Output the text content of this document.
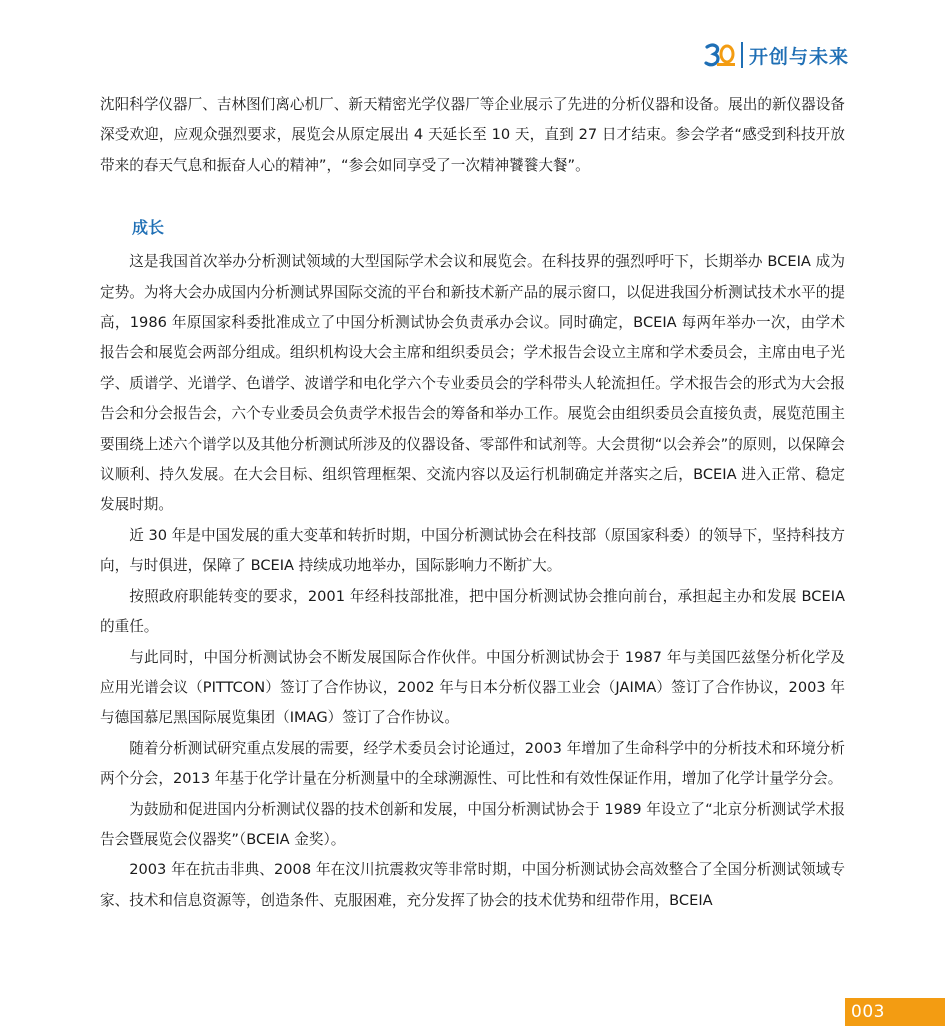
开创与未来

沈阳科学仪器厂、吉林图们离心机厂、新天精密光学仪器厂等企业展示了先进的分析仪器和设备。展出的新仪器设备深受欢迎，应观众强烈要求，展览会从原定展出 4 天延长至 10 天，直到 27 日才结束。参会学者“感受到科技开放带来的春天气息和振奋人心的精神”，“参会如同享受了一次精神饕餮大餐”。

成长

这是我国首次举办分析测试领域的大型国际学术会议和展览会。在科技界的强烈呼吁下，长期举办 BCEIA 成为定势。为将大会办成国内分析测试界国际交流的平台和新技术新产品的展示窗口，以促进我国分析测试技术水平的提高，1986 年原国家科委批准成立了中国分析测试协会负责承办会议。同时确定，BCEIA 每两年举办一次，由学术报告会和展览会两部分组成。组织机构设大会主席和组织委员会；学术报告会设立主席和学术委员会，主席由电子光学、质谱学、光谱学、色谱学、波谱学和电化学六个专业委员会的学科带头人轮流担任。学术报告会的形式为大会报告会和分会报告会，六个专业委员会负责学术报告会的筹备和举办工作。展览会由组织委员会直接负责，展览范围主要围绕上述六个谱学以及其他分析测试所涉及的仪器设备、零部件和试剂等。大会贯彻“以会养会”的原则，以保障会议顺利、持久发展。在大会目标、组织管理框架、交流内容以及运行机制确定并落实之后，BCEIA 进入正常、稳定发展时期。

近 30 年是中国发展的重大变革和转折时期，中国分析测试协会在科技部（原国家科委）的领导下，坚持科技方向，与时俱进，保障了 BCEIA 持续成功地举办，国际影响力不断扩大。

按照政府职能转变的要求，2001 年经科技部批准，把中国分析测试协会推向前台，承担起主办和发展 BCEIA 的重任。

与此同时，中国分析测试协会不断发展国际合作伙伴。中国分析测试协会于 1987 年与美国匹兹堡分析化学及应用光谱会议（PITTCON）签订了合作协议，2002 年与日本分析仪器工业会（JAIMA）签订了合作协议，2003 年与德国慕尼黑国际展览集团（IMAG）签订了合作协议。

随着分析测试研究重点发展的需要，经学术委员会讨论通过，2003 年增加了生命科学中的分析技术和环境分析两个分会，2013 年基于化学计量在分析测量中的全球溯源性、可比性和有效性保证作用，增加了化学计量学分会。

为鼓励和促进国内分析测试仪器的技术创新和发展，中国分析测试协会于 1989 年设立了“北京分析测试学术报告会暨展览会仪器奖”（BCEIA 金奖）。

2003 年在抗击非典、2008 年在汶川抗震救灾等非常时期，中国分析测试协会高效整合了全国分析测试领域专家、技术和信息资源等，创造条件、克服困难，充分发挥了协会的技术优势和纽带作用，BCEIA

003
